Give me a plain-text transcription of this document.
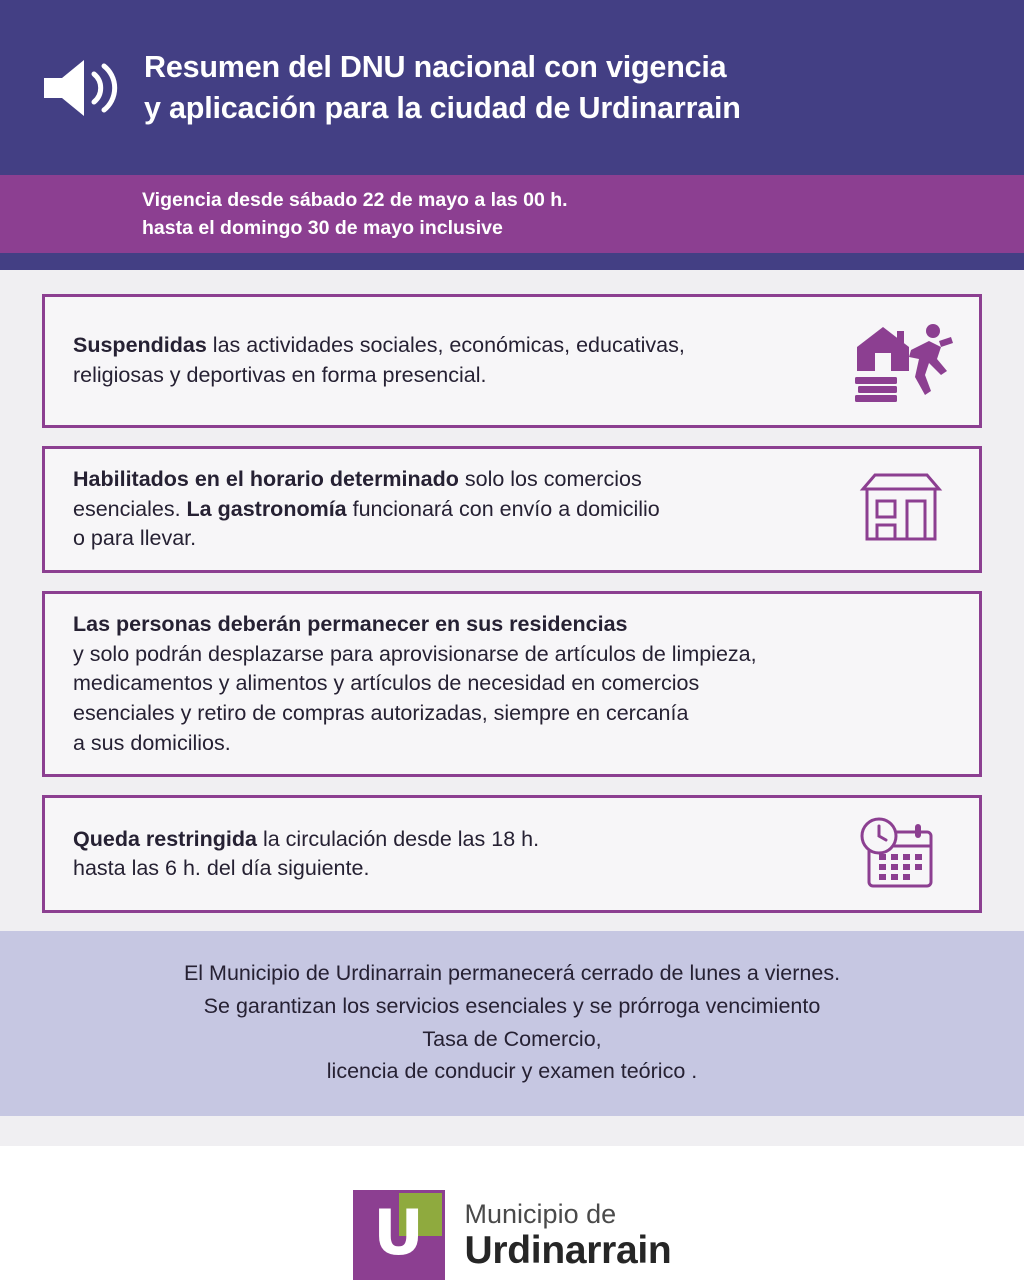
Resumen del DNU nacional con vigencia
y aplicación para la ciudad de Urdinarrain
Vigencia desde sábado 22 de mayo a las 00 h.
hasta el domingo 30 de mayo inclusive
Suspendidas las actividades sociales, económicas, educativas,
religiosas y deportivas en forma presencial.
Habilitados en el horario determinado solo los comercios
esenciales. La gastronomía funcionará con envío a domicilio
o para llevar.
Las personas deberán permanecer en sus residencias
y solo podrán desplazarse para aprovisionarse de artículos de limpieza,
medicamentos y alimentos y artículos de necesidad en comercios
esenciales y retiro de compras autorizadas, siempre en cercanía
a sus domicilios.
Queda restringida la circulación desde las 18 h.
hasta las 6 h. del día siguiente.
El Municipio de Urdinarrain permanecerá cerrado de lunes a viernes.
Se garantizan los servicios esenciales y se prórroga vencimiento
Tasa de Comercio,
licencia de conducir y examen teórico .
U	Municipio de
Urdinarrain
